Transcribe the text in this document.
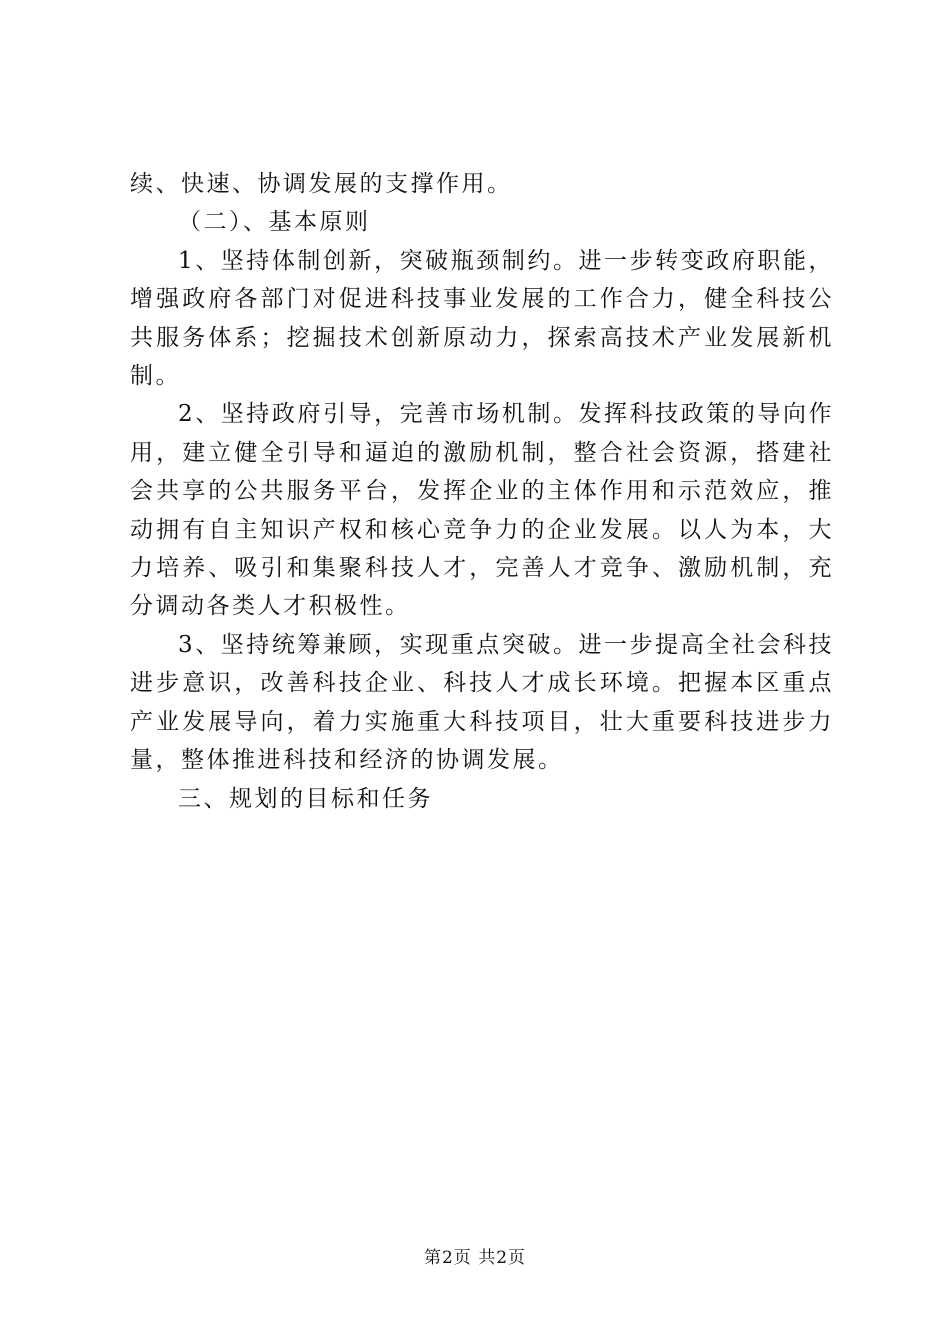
续、快速、协调发展的支撑作用。

（二）、基本原则

1、坚持体制创新，突破瓶颈制约。进一步转变政府职能，增强政府各部门对促进科技事业发展的工作合力，健全科技公共服务体系；挖掘技术创新原动力，探索高技术产业发展新机制。

2、坚持政府引导，完善市场机制。发挥科技政策的导向作用，建立健全引导和逼迫的激励机制，整合社会资源，搭建社会共享的公共服务平台，发挥企业的主体作用和示范效应，推动拥有自主知识产权和核心竞争力的企业发展。以人为本，大力培养、吸引和集聚科技人才，完善人才竞争、激励机制，充分调动各类人才积极性。

3、坚持统筹兼顾，实现重点突破。进一步提高全社会科技进步意识，改善科技企业、科技人才成长环境。把握本区重点产业发展导向，着力实施重大科技项目，壮大重要科技进步力量，整体推进科技和经济的协调发展。

三、规划的目标和任务

第2页 共2页
